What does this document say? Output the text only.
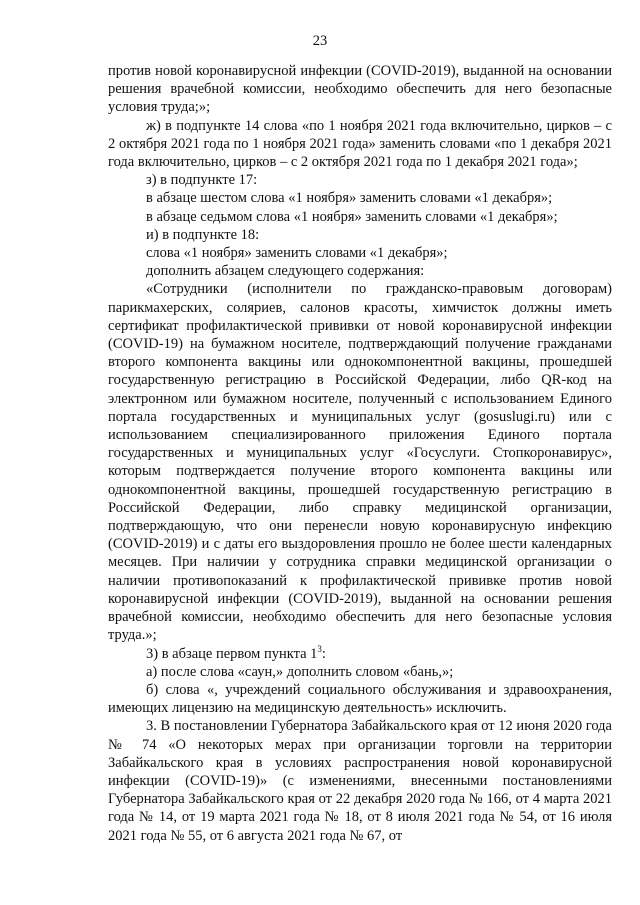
23

против новой коронавирусной инфекции (COVID-2019), выданной на основании решения врачебной комиссии, необходимо обеспечить для него безопасные условия труда;»;

ж) в подпункте 14 слова «по 1 ноября 2021 года включительно, цирков – с 2 октября 2021 года по 1 ноября 2021 года» заменить словами «по 1 декабря 2021 года включительно, цирков – с 2 октября 2021 года по 1 декабря 2021 года»;

з) в подпункте 17:

в абзаце шестом слова «1 ноября» заменить словами «1 декабря»;

в абзаце седьмом слова «1 ноября» заменить словами «1 декабря»;

и) в подпункте 18:

слова «1 ноября» заменить словами «1 декабря»;

дополнить абзацем следующего содержания:

«Сотрудники (исполнители по гражданско-правовым договорам) парикмахерских, соляриев, салонов красоты, химчисток должны иметь сертификат профилактической прививки от новой коронавирусной инфекции (COVID-19) на бумажном носителе, подтверждающий получение гражданами второго компонента вакцины или однокомпонентной вакцины, прошедшей государственную регистрацию в Российской Федерации, либо QR-код на электронном или бумажном носителе, полученный с использованием Единого портала государственных и муниципальных услуг (gosuslugi.ru) или с использованием специализированного приложения Единого портала государственных и муниципальных услуг «Госуслуги. Стопкоронавирус», которым подтверждается получение второго компонента вакцины или однокомпонентной вакцины, прошедшей государственную регистрацию в Российской Федерации, либо справку медицинской организации, подтверждающую, что они перенесли новую коронавирусную инфекцию (COVID-2019) и с даты его выздоровления прошло не более шести календарных месяцев. При наличии у сотрудника справки медицинской организации о наличии противопоказаний к профилактической прививке против новой коронавирусной инфекции (COVID-2019), выданной на основании решения врачебной комиссии, необходимо обеспечить для него безопасные условия труда.»;

3) в абзаце первом пункта $1^3$:

а) после слова «саун,» дополнить словом «бань,»;

б) слова «, учреждений социального обслуживания и здравоохранения, имеющих лицензию на медицинскую деятельность» исключить.

3. В постановлении Губернатора Забайкальского края от 12 июня 2020 года № 74 «О некоторых мерах при организации торговли на территории Забайкальского края в условиях распространения новой коронавирусной инфекции (COVID-19)» (с изменениями, внесенными постановлениями Губернатора Забайкальского края от 22 декабря 2020 года № 166, от 4 марта 2021 года № 14, от 19 марта 2021 года № 18, от 8 июля 2021 года № 54, от 16 июля 2021 года № 55, от 6 августа 2021 года № 67, от
